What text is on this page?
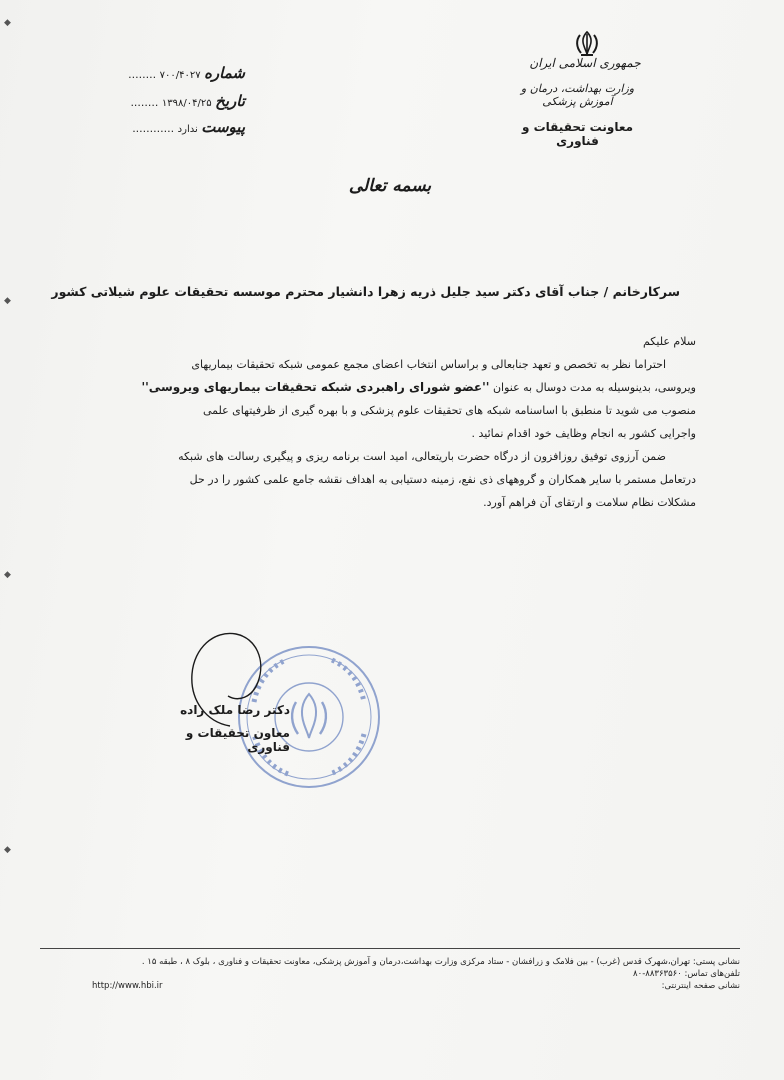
◆
◆
◆
◆
جمهوری اسلامی ایران
وزارت بهداشت، درمان و آموزش پزشکی
معاونت تحقیقات و فناوری
شماره ۷۰۰/۴۰۲۷ ........
تاریخ ۱۳۹۸/۰۴/۲۵ ........
پیوست ندارد ............
بسمه تعالی
سرکارخانم / جناب آقای دکتر سید جلیل ذریه زهرا دانشیار محترم موسسه تحقیقات علوم شیلاتی کشور

سلام علیکم

احتراما نظر به تخصص و تعهد جنابعالی و براساس انتخاب اعضای مجمع عمومی شبکه تحقیقات بیماریهای

ویروسی، بدینوسیله به مدت دوسال به عنوان ''عضو شورای راهبردی شبکه تحقیقات بیماریهای ویروسی''

منصوب می شوید تا منطبق با اساسنامه شبکه های تحقیقات علوم پزشکی و با بهره گیری از ظرفیتهای علمی

واجرایی کشور به انجام وظایف خود اقدام نمائید .

ضمن آرزوی توفیق روزافزون از درگاه حضرت باریتعالی، امید است برنامه ریزی و پیگیری رسالت های شبکه

درتعامل مستمر با سایر همکاران و گروههای ذی نفع، زمینه دستیابی به اهداف نقشه جامع علمی کشور را در حل

مشکلات نظام سلامت و ارتقای آن فراهم آورد.

دکتر رضا ملک زاده
معاون تحقیقات و فناوری
نشانی پستی: تهران،شهرک قدس (غرب) - بین فلامک و زرافشان - ستاد مرکزی وزارت بهداشت،درمان و آموزش پزشکی، معاونت تحقیقات و فناوری ، بلوک ۸ ، طبقه ۱۵ .
تلفن‌های تماس: ۸۸۳۶۳۵۶۰-۸۰
نشانی صفحه اینترنتی:
http://www.hbi.ir
